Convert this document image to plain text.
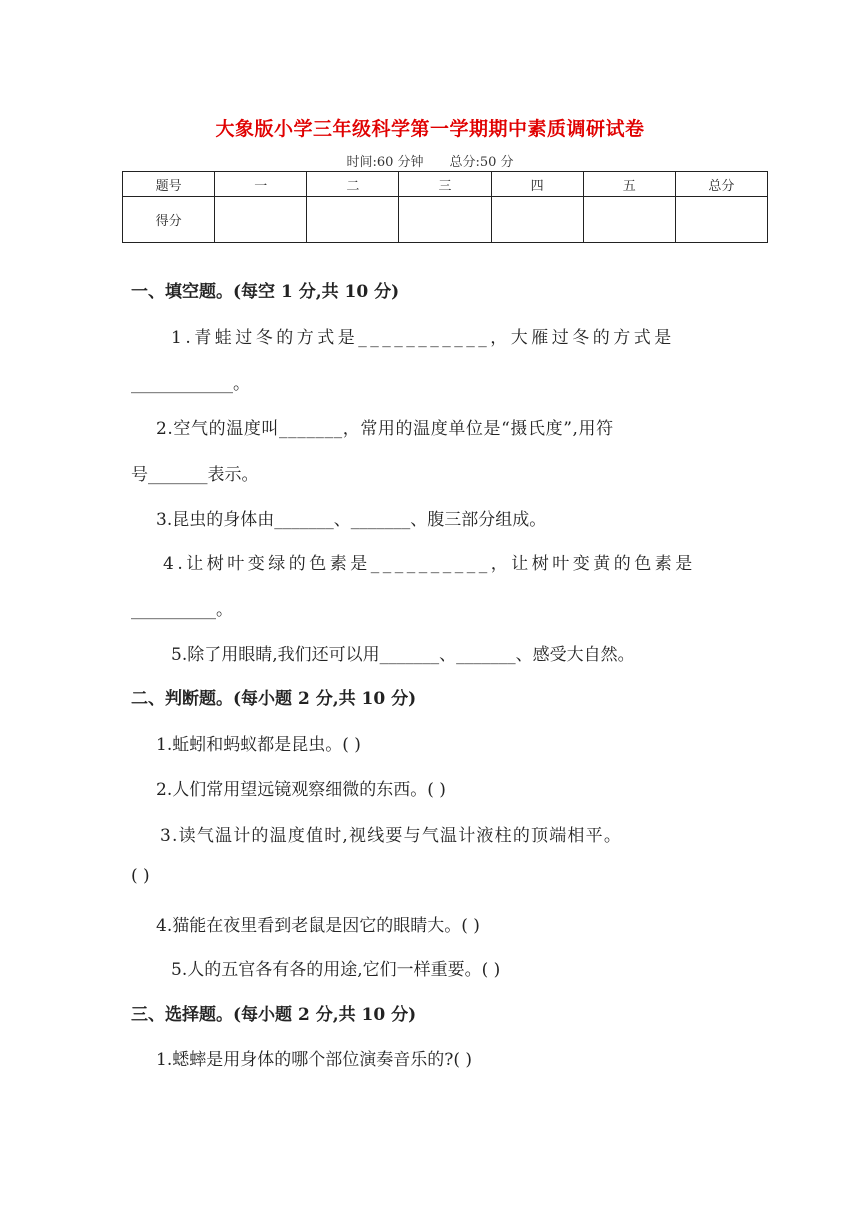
大象版小学三年级科学第一学期期中素质调研试卷
时间:60 分钟 总分:50 分
题号	一	二	三	四	五	总分
得分						
一、填空题。(每空 1 分,共 10 分)
1.青蛙过冬的方式是___________，大雁过冬的方式是
____________。
2.空气的温度叫_______，常用的温度单位是“摄氏度”,用符
号_______表示。
3.昆虫的身体由_______、_______、腹三部分组成。
4.让树叶变绿的色素是__________，让树叶变黄的色素是
__________。
5.除了用眼睛,我们还可以用_______、_______、感受大自然。
二、判断题。(每小题 2 分,共 10 分)
1.蚯蚓和蚂蚁都是昆虫。( )
2.人们常用望远镜观察细微的东西。( )
3.读气温计的温度值时,视线要与气温计液柱的顶端相平。
( )
4.猫能在夜里看到老鼠是因它的眼睛大。( )
5.人的五官各有各的用途,它们一样重要。( )
三、选择题。(每小题 2 分,共 10 分)
1.蟋蟀是用身体的哪个部位演奏音乐的?( )
